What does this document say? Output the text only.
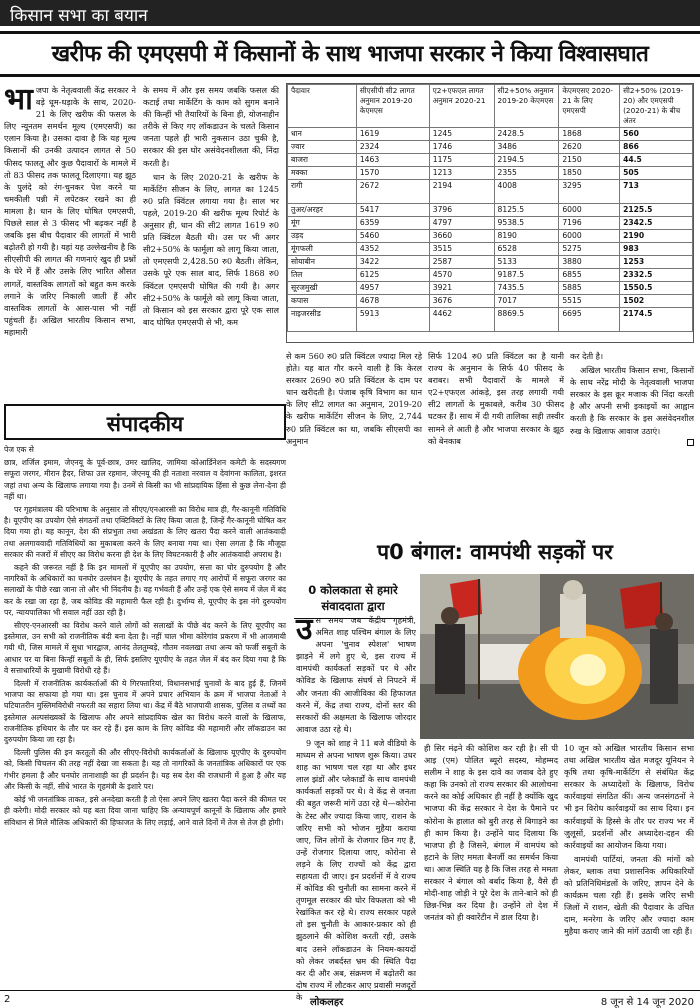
किसान सभा का बयान
खरीफ की एमएसपी में किसानों के साथ भाजपा सरकार ने किया विश्वासघात
भा जपा के नेतृत्ववाली केंद्र सरकार ने बड़े धूम-धड़ाके के साथ, 2020-21 के लिए खरीफ की फसल के लिए न्यूनतम समर्थन मूल्य (एमएसपी) का एलान किया है। उसका दावा है कि यह मूल्य किसानों की उनकी उत्पादन लागत से 50 फीसद फालतू और कुछ पैदावारों के मामले में तो 83 फीसद तक फालतू दिलाएगा। यह झूठ के पुलंदे को रंग-चुनकर पेश करने या चमकीली पन्नी में लपेटकर रखने का ही मामला है। धान के लिए घोषित एमएसपी, पिछले साल से 3 फीसद भी बढ़कर नहीं है जबकि इस बीच पैदावार की लागतों में भारी बढ़ोतरी हो गयी है। यहां यह उल्लेखनीय है कि सीएसीपी की लागत की गणनाएं खुद ही प्रश्नों के घेरे में हैं और उसके लिए भारित औसत लागतें, वास्तविक लागतों को बहुत कम करके लगाने के जरिए निकाली जाती हैं और वास्तविक लागतों के आस-पास भी नहीं पहुंचती हैं। अखिल भारतीय किसान सभा, महामारी

के समय में और इस समय जबकि फसल की कटाई तथा मार्केटिंग के काम को सुगम बनाने की किन्हीं भी तैयारियों के बिना ही, योजनाहीन तरीके से किए गए लॉकडाउन के चलते किसान जनता पहले ही भारी नुकसान उठा चुकी है, सरकार की इस घोर असंवेदनशीलता की, निंदा करती है।

धान के लिए 2020-21 के खरीफ के मार्केटिंग सीजन के लिए, लागत का 1245 रु0 प्रति क्विंटल लगाया गया है। साल भर पहले, 2019-20 की खरीफ मूल्य रिपोर्ट के अनुसार ही, धान की सी2 लागत 1619 रु0 प्रति क्विंटल बैठती थी। उस पर भी अगर सी2+50% के फार्मूला को लागू किया जाता, तो एमएसपी 2,428.50 रु0 बैठती। लेकिन, उसके पूरे एक साल बाद, सिर्फ 1868 रु0 क्विंटल एमएसपी घोषित की गयी है। अगर सी2+50% के फार्मूले को लागू किया जाता, तो किसान को इस सरकार द्वारा पूरे एक साल बाद घोषित एमएसपी से भी, कम

पैदावार	सीएसीपी सी2 लागत अनुमान 2019-20 केएमएस	ए2+एफएल लागत अनुमान 2020-21	सी2+50% अनुमान 2019-20 केएमएस	केएमएसए 2020-21 के लिए एमएसपी	सी2+50% (2019-20) और एमएसपी (2020-21) के बीच अंतर
धान	1619	1245	2428.5	1868	560
ज्वार	2324	1746	3486	2620	866
बाजरा	1463	1175	2194.5	2150	44.5
मक्का	1570	1213	2355	1850	505
रागी	2672	2194	4008	3295	713
तुअर/अरहर	5417	3796	8125.5	6000	2125.5
मूंग	6359	4797	9538.5	7196	2342.5
उड़द	5460	3660	8190	6000	2190
मूंगफली	4352	3515	6528	5275	983
सोयाबीन	3422	2587	5133	3880	1253
तिल	6125	4570	9187.5	6855	2332.5
सूरजमुखी	4957	3921	7435.5	5885	1550.5
कपास	4678	3676	7017	5515	1502
नाइजरसीड	5913	4462	8869.5	6695	2174.5

से कम 560 रु0 प्रति क्विंटल ज्यादा मिल रहे होते। यह बात गौर करने वाली है कि केरल सरकार 2690 रु0 प्रति क्विंटल के दाम पर धान खरीदती है। पंजाब कृषि विभाग का धान के लिए सी2 लागत का अनुमान, 2019-20 के खरीफ मार्केटिंग सीजन के लिए, 2,744 रु0 प्रति क्विंटल का था, जबकि सीएसपी का अनुमान

सिर्फ 1204 रु0 प्रति क्विंटल का है यानी राज्य के अनुमान के सिर्फ 40 फीसद के बराबर। सभी पैदावारों के मामले में ए2+एफएल आंकड़े, इस तरह लगायी गयी सी2 लागतों के मुकाबले, करीब 30 फीसद घटकर हैं। साथ में दी गयी तालिका सही तस्वीर सामने ले आती है और भाजपा सरकार के झूठ को बेनकाब

कर देती है।

अखिल भारतीय किसान सभा, किसानों के साथ नरेंद्र मोदी के नेतृत्ववाली भाजपा सरकार के इस क्रूर मजाक की निंदा करती है और अपनी सभी इकाइयों का आह्वान करती है कि सरकार के इस असंवेदनशील रुख के खिलाफ आवाज उठाएं।

संपादकीय

पेज एक से

छात्र, शर्जिल इमाम, जेएनयू के पूर्व-छात्र, उमर खालिद, जामिया कोआर्डिनेशन कमेटी के सदस्यगण सफूरा जरगर, मीरान हैदर, शिफा उल रहमान, जेएनयू की ही नताशा नरवाल व देवांगना कालिता, इशरत जहां तथा अन्य के खिलाफ लगाया गया है। उनमें से किसी का भी सांप्रदायिक हिंसा से कुछ लेना-देना ही नहीं था।

पर गृहमंत्रालय की परिभाषा के अनुसार तो सीएए/एनआरसी का विरोध मात्र ही, गैर-कानूनी गतिविधि है। यूएपीए का उपयोग ऐसे संगठनों तथा एक्टिविस्टों के लिए किया जाता है, जिन्हें गैर-कानूनी घोषित कर दिया गया हो। यह कानून, देश की संप्रभुता तथा अखंडता के लिए खतरा पैदा करने वाली आतंकवादी तथा अलगाववादी गतिविधियों का मुकाबला करने के लिए बनाया गया था। ऐसा लगता है कि मौजूदा सरकार की नजरों में सीएए का विरोध करना ही देश के लिए विघटनकारी है और आतंकवादी अपराध है।

कहने की जरूरत नहीं है कि इन मामलों में यूएपीए का उपयोग, सत्ता का घोर दुरुपयोग है और नागरिकों के अधिकारों का घनघोर उल्लंघन है। यूएपीए के तहत लगाए गए आरोपों में सफूरा जरगर का सलाखों के पीछे रखा जाना तो और भी निंदनीय है। वह गर्भवती हैं और उन्हें एक ऐसे समय में जेल में बंद कर के रखा जा रहा है, जब कोविड की महामारी फैल रही है। दुर्भाग्य से, यूएपीए के इस नंगे दुरुपयोग पर, न्यायपालिका भी सवाल नहीं उठा रही है।

सीएए-एनआरसी का विरोध करने वाले लोगों को सलाखों के पीछे बंद करने के लिए यूएपीए का इस्तेमाल, उन सभी को राजनीतिक बंदी बना देता है। नहीं चाल भीमा कोरेगांव प्रकरण में भी आजमायी गयी थी, जिस मामले में सुधा भारद्वाज, आनंद तेलतुम्बड़े, गौतम नवलखा तथा अन्य को फर्जी सबूतों के आधार पर या बिना किन्हीं सबूतों के ही, सिर्फ इसलिए यूएपीए के तहत जेल में बंद कर दिया गया है कि वे सत्ताधारियों के मुखामी विरोधी रहे हैं।

दिल्ली में राजनीतिक कार्यकर्ताओं की ये गिरफ्तारियां, विधानसभाई चुनावों के बाद हुई हैं, जिनमें भाजपा का सफाया हो गया था। इस चुनाव में अपने प्रचार अभियान के क्रम में भाजपा नेताओं ने घटियातरीन मुस्लिमविरोधी नफरती का सहारा लिया था। केंद्र में बैठे भाजपायी शासक, पुलिस व तथ्यों का इस्तेमाल अल्पसंख्यकों के खिलाफ और अपने सांप्रदायिक खेल का विरोध करने वालों के खिलाफ, राजनीतिक हथियार के तौर पर कर रहे हैं। इस काम के लिए कोविड की महामारी और लॉकडाउन का दुरुपयोग किया जा रहा है।

दिल्ली पुलिस की इन करतूतों की और सीएए-विरोधी कार्यकर्ताओं के खिलाफ यूएपीए के दुरुपयोग को, किसी चिचलन की तरह नहीं देखा जा सकता है। यह तो नागरिकों के जनतांत्रिक अधिकारों पर एक गंभीर हमला है और घनघोर तानाशाही का ही प्रदर्शन है। यह सब देश की राजधानी में हुआ है और यह और किसी के नहीं, सीधे भारत के गृहमंत्री के इशारे पर।

कोई भी जनतांत्रिक ताकत, इसे अनदेखा करती है तो ऐसा अपने लिए खतरा पैदा करने की कीमत पर ही करेगी। मोदी सरकार को यह बता दिया जाना चाहिए कि अन्यायपूर्ण कानूनों के खिलाफ और हमारे संविधान से मिले मौलिक अधिकारों की हिफाजत के लिए लड़ाई, आने वाले दिनों में तेज से तेज ही होगी।

प0 बंगाल: वामपंथी सड़कों पर
0 कोलकाता से हमारे संवाददाता द्वारा
उ स समय जब केंद्रीय गृहमंत्री, अमित शाह पश्चिम बंगाल के लिए अपना 'चुनाव स्पेशल' भाषण झाड़ने में लगे हुए थे, इस राज्य में वामपंथी कार्यकर्ता सड़कों पर थे और कोविड के खिलाफ संघर्ष से निपटने में और जनता की आजीविका की हिफाजत करने में, केंद्र तथा राज्य, दोनों स्तर की सरकारों की अक्षमता के खिलाफ जोरदार आवाज उठा रहे थे।

9 जून को शाह ने 11 बजे वीडियो के माध्यम से अपना भाषण शुरू किया। उधर शाह का भाषण चल रहा था और इधर लाल झंडों और प्लेकार्डों के साथ वामपंथी कार्यकर्ता सड़कों पर थे। वे केंद्र से जनता की बहुत जरूरी मांगें उठा रहे थे—कोरोना के टेस्ट और ज्यादा किया जाए, राशन के जरिए सभी को भोजन मुहैया कराया जाए, जिन लोगों के रोजगार छिन गए हैं, उन्हें रोजगार दिलाया जाए, कोरोना से लड़ने के लिए राज्यों को केंद्र द्वारा सहायता दी जाए। इन प्रदर्शनों में वे राज्य में कोविड की चुनौती का सामना करने में तृणमूल सरकार की घोर विफलता को भी रेखांकित कर रहे थे। राज्य सरकार पहले तो इस चुनौती के आकार-प्रकार को ही झुठलाने की कोशिश करती रही, उसके बाद उसने लॉकडाउन के नियम-कायदों को लेकर जबर्दस्त भ्रम की स्थिति पैदा कर दी और अब, संक्रमण में बढ़ोतरी का दोष राज्य में लौटकर आए प्रवासी मजदूरों के

ही सिर मंढ़ने की कोशिश कर रही है। सी पी आइ (एम) पोलित ब्यूरो सदस्य, मोहम्मद सलीम ने शाह के इस दावे का जवाब देते हुए कहा कि उनको तो राज्य सरकार की आलोचना करने का कोई अधिकार ही नहीं है क्योंकि खुद भाजपा की केंद्र सरकार ने देश के पैमाने पर कोरोना के हालात को बुरी तरह से बिगाड़ने का ही काम किया है। उन्होंने याद दिलाया कि भाजपा ही है जिसने, बंगाल में वामपंथ को हटाने के लिए ममता बैनर्जी का समर्थन किया था। आज स्थिति यह है कि जिस तरह से ममता सरकार ने बंगाल को बर्बाद किया है, वैसे ही मोदी-शाह जोड़ी ने पूरे देश के ताने-बाने को ही छिन्न-भिन्न कर दिया है। उन्होंने तो देश में जनतंत्र को ही क्वारेंटीन में डाल दिया है।

10 जून को अखिल भारतीय किसान सभा तथा अखिल भारतीय खेत मजदूर यूनियन ने कृषि तथा कृषि-मार्केटिंग से संबंधित केंद्र सरकार के अध्यादेशों के खिलाफ, विरोध कार्रवाइयां संगठित कीं। अन्य जनसंगठनों ने भी इन विरोध कार्रवाइयों का साथ दिया। इन कार्रवाइयों के हिस्से के तौर पर राज्य भर में जुलूसों, प्रदर्शनों और अध्यादेश-दहन की कार्रवाइयों का आयोजन किया गया।

वामपंथी पार्टियां, जनता की मांगों को लेकर, ब्लाक तथा प्रशासनिक अधिकारियों को प्रतिनिधिमंडलों के जरिए, ज्ञापन देने के कार्यक्रम चला रही हैं। इसके जरिए सभी जिलों में राशन, खेती की पैदावार के उचित दाम, मनरेगा के जरिए और ज्यादा काम मुहैया कराए जाने की मांगें उठायी जा रही हैं।

2	लोकलहर	8 जून से 14 जून 2020
